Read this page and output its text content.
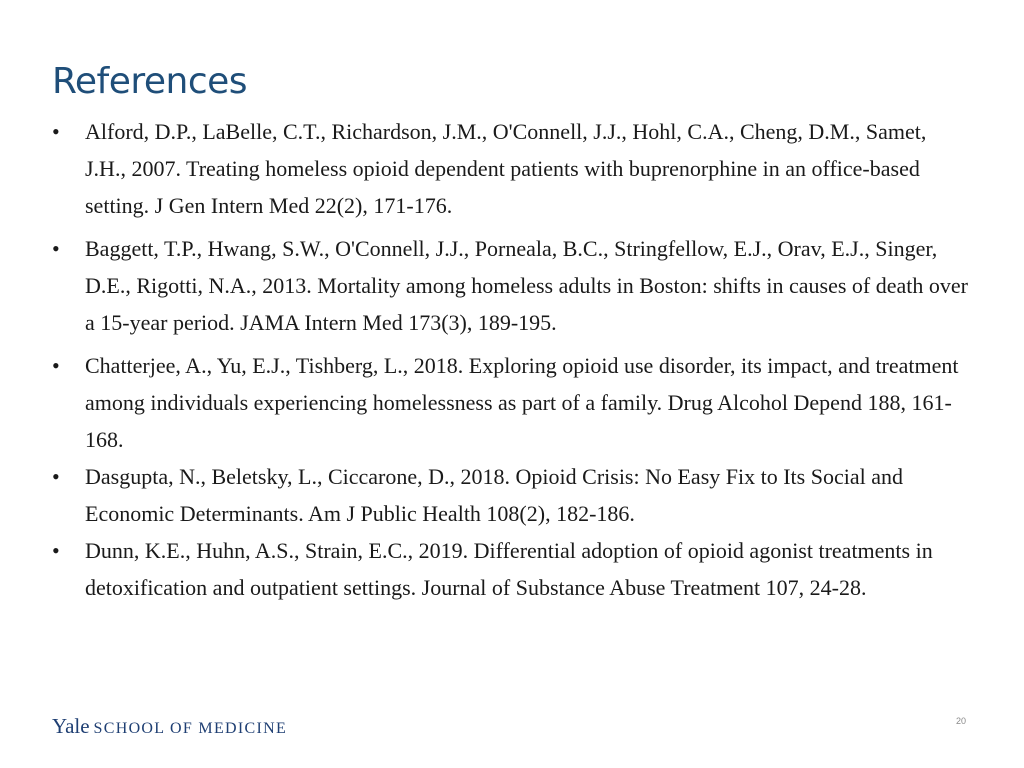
References
•	Alford, D.P., LaBelle, C.T., Richardson, J.M., O'Connell, J.J., Hohl, C.A., Cheng, D.M., Samet, J.H., 2007. Treating homeless opioid dependent patients with buprenorphine in an office-based setting. J Gen Intern Med 22(2), 171-176.
•	Baggett, T.P., Hwang, S.W., O'Connell, J.J., Porneala, B.C., Stringfellow, E.J., Orav, E.J., Singer, D.E., Rigotti, N.A., 2013. Mortality among homeless adults in Boston: shifts in causes of death over a 15-year period. JAMA Intern Med 173(3), 189-195.
•	Chatterjee, A., Yu, E.J., Tishberg, L., 2018. Exploring opioid use disorder, its impact, and treatment among individuals experiencing homelessness as part of a family. Drug Alcohol Depend 188, 161-168.
•	Dasgupta, N., Beletsky, L., Ciccarone, D., 2018. Opioid Crisis: No Easy Fix to Its Social and Economic Determinants. Am J Public Health 108(2), 182-186.
•	Dunn, K.E., Huhn, A.S., Strain, E.C., 2019. Differential adoption of opioid agonist treatments in detoxification and outpatient settings. Journal of Substance Abuse Treatment 107, 24-28.
Yale SCHOOL OF MEDICINE	20
